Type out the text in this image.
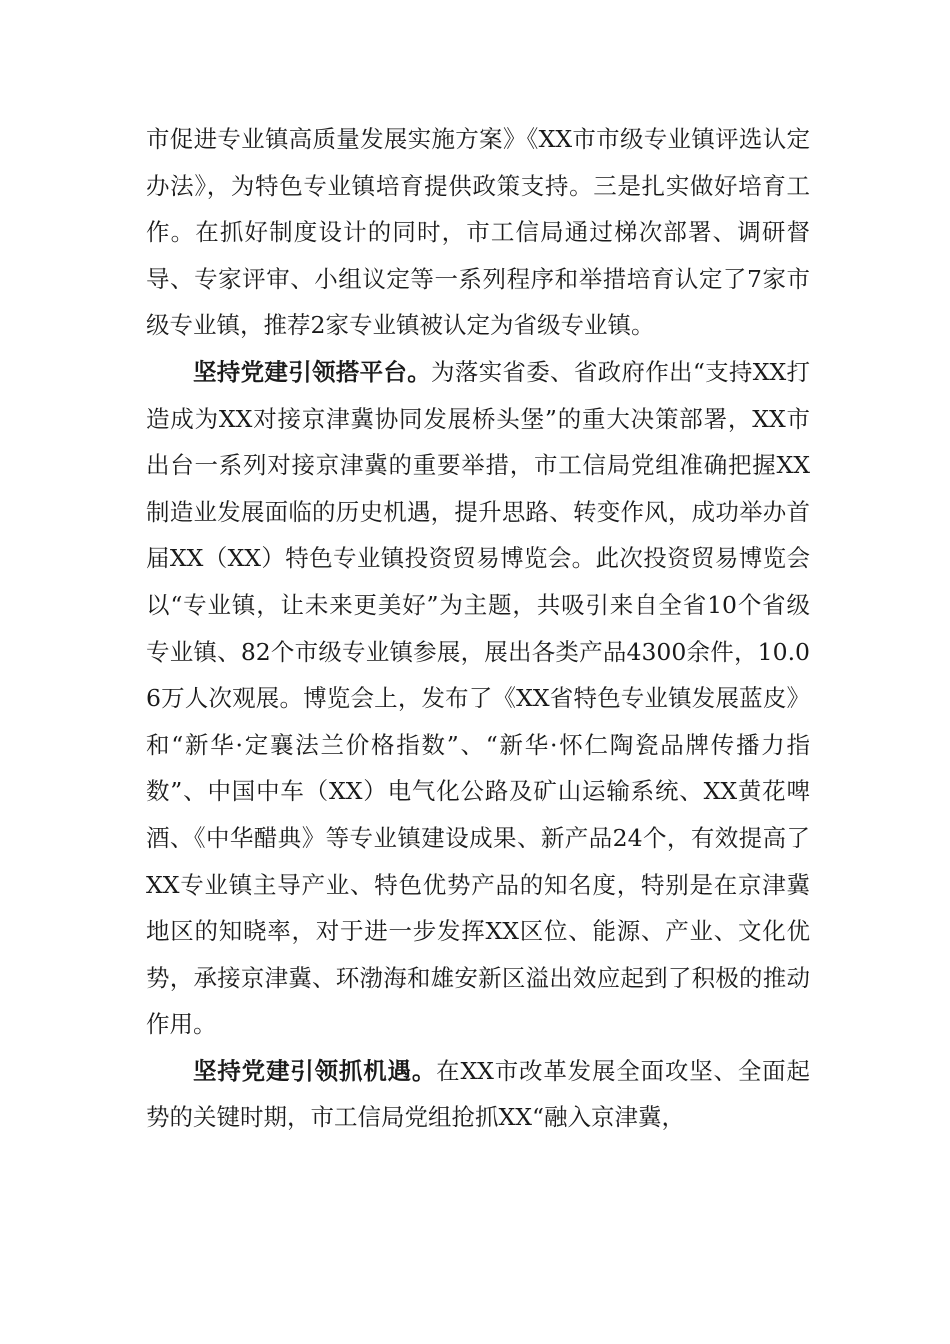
市促进专业镇高质量发展实施方案》《XX市市级专业镇评选认定办法》，为特色专业镇培育提供政策支持。三是扎实做好培育工作。在抓好制度设计的同时，市工信局通过梯次部署、调研督导、专家评审、小组议定等一系列程序和举措培育认定了7家市级专业镇，推荐2家专业镇被认定为省级专业镇。

坚持党建引领搭平台。为落实省委、省政府作出“支持XX打造成为XX对接京津冀协同发展桥头堡”的重大决策部署，XX市出台一系列对接京津冀的重要举措，市工信局党组准确把握XX制造业发展面临的历史机遇，提升思路、转变作风，成功举办首届XX（XX）特色专业镇投资贸易博览会。此次投资贸易博览会以“专业镇，让未来更美好”为主题，共吸引来自全省10个省级专业镇、82个市级专业镇参展，展出各类产品4300余件，10.06万人次观展。博览会上，发布了《XX省特色专业镇发展蓝皮》和“新华·定襄法兰价格指数”、“新华·怀仁陶瓷品牌传播力指数”、中国中车（XX）电气化公路及矿山运输系统、XX黄花啤酒、《中华醋典》等专业镇建设成果、新产品24个，有效提高了XX专业镇主导产业、特色优势产品的知名度，特别是在京津冀地区的知晓率，对于进一步发挥XX区位、能源、产业、文化优势，承接京津冀、环渤海和雄安新区溢出效应起到了积极的推动作用。

坚持党建引领抓机遇。在XX市改革发展全面攻坚、全面起势的关键时期，市工信局党组抢抓XX“融入京津冀，
